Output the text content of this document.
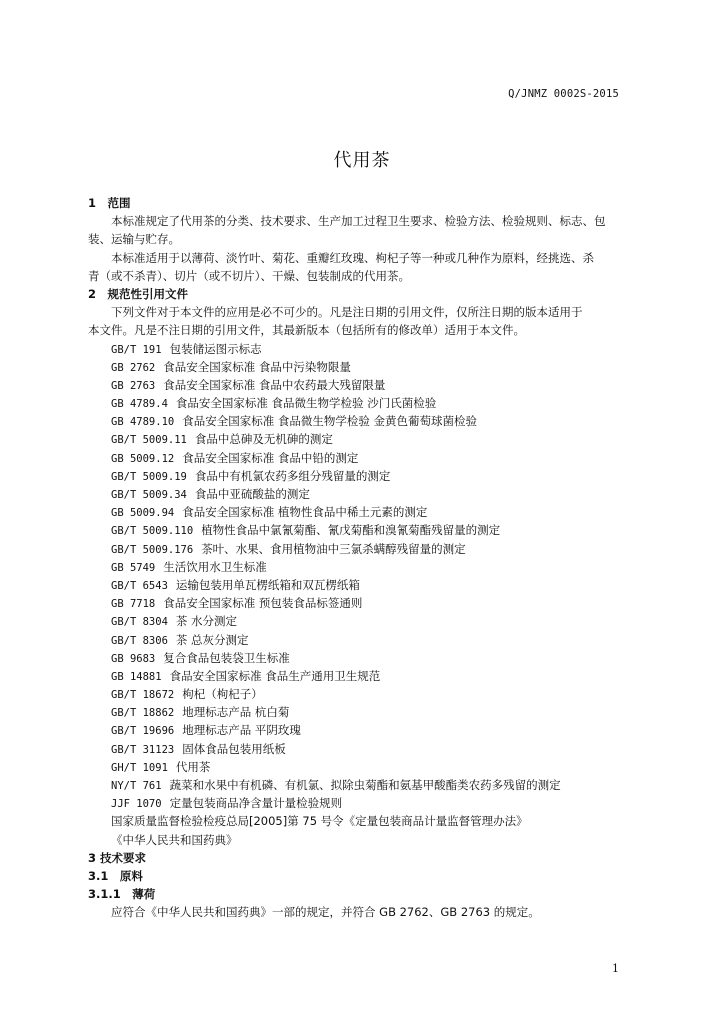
Q/JNMZ 0002S-2015
代用茶
1　范围
本标准规定了代用茶的分类、技术要求、生产加工过程卫生要求、检验方法、检验规则、标志、包
装、运输与贮存。
本标准适用于以薄荷、淡竹叶、菊花、重瓣红玫瑰、枸杞子等一种或几种作为原料，经挑选、杀
青（或不杀青）、切片（或不切片）、干燥、包装制成的代用茶。
2　规范性引用文件
下列文件对于本文件的应用是必不可少的。凡是注日期的引用文件，仅所注日期的版本适用于
本文件。凡是不注日期的引用文件，其最新版本（包括所有的修改单）适用于本文件。
GB/T 191 包装储运图示标志
GB 2762 食品安全国家标准 食品中污染物限量
GB 2763 食品安全国家标准 食品中农药最大残留限量
GB 4789.4 食品安全国家标准 食品微生物学检验 沙门氏菌检验
GB 4789.10 食品安全国家标准 食品微生物学检验 金黄色葡萄球菌检验
GB/T 5009.11 食品中总砷及无机砷的测定
GB 5009.12 食品安全国家标准 食品中铅的测定
GB/T 5009.19 食品中有机氯农药多组分残留量的测定
GB/T 5009.34 食品中亚硫酸盐的测定
GB 5009.94 食品安全国家标准 植物性食品中稀土元素的测定
GB/T 5009.110 植物性食品中氯氰菊酯、氰戊菊酯和溴氰菊酯残留量的测定
GB/T 5009.176 茶叶、水果、食用植物油中三氯杀螨醇残留量的测定
GB 5749 生活饮用水卫生标准
GB/T 6543 运输包装用单瓦楞纸箱和双瓦楞纸箱
GB 7718 食品安全国家标准 预包装食品标签通则
GB/T 8304 茶 水分测定
GB/T 8306 茶 总灰分测定
GB 9683 复合食品包装袋卫生标准
GB 14881 食品安全国家标准 食品生产通用卫生规范
GB/T 18672 枸杞（枸杞子）
GB/T 18862 地理标志产品 杭白菊
GB/T 19696 地理标志产品 平阴玫瑰
GB/T 31123 固体食品包装用纸板
GH/T 1091 代用茶
NY/T 761 蔬菜和水果中有机磷、有机氯、拟除虫菊酯和氨基甲酸酯类农药多残留的测定
JJF 1070 定量包装商品净含量计量检验规则
国家质量监督检验检疫总局[2005]第 75 号令《定量包装商品计量监督管理办法》
《中华人民共和国药典》
3 技术要求
3.1　原料
3.1.1　薄荷
应符合《中华人民共和国药典》一部的规定，并符合 GB 2762、GB 2763 的规定。
1
